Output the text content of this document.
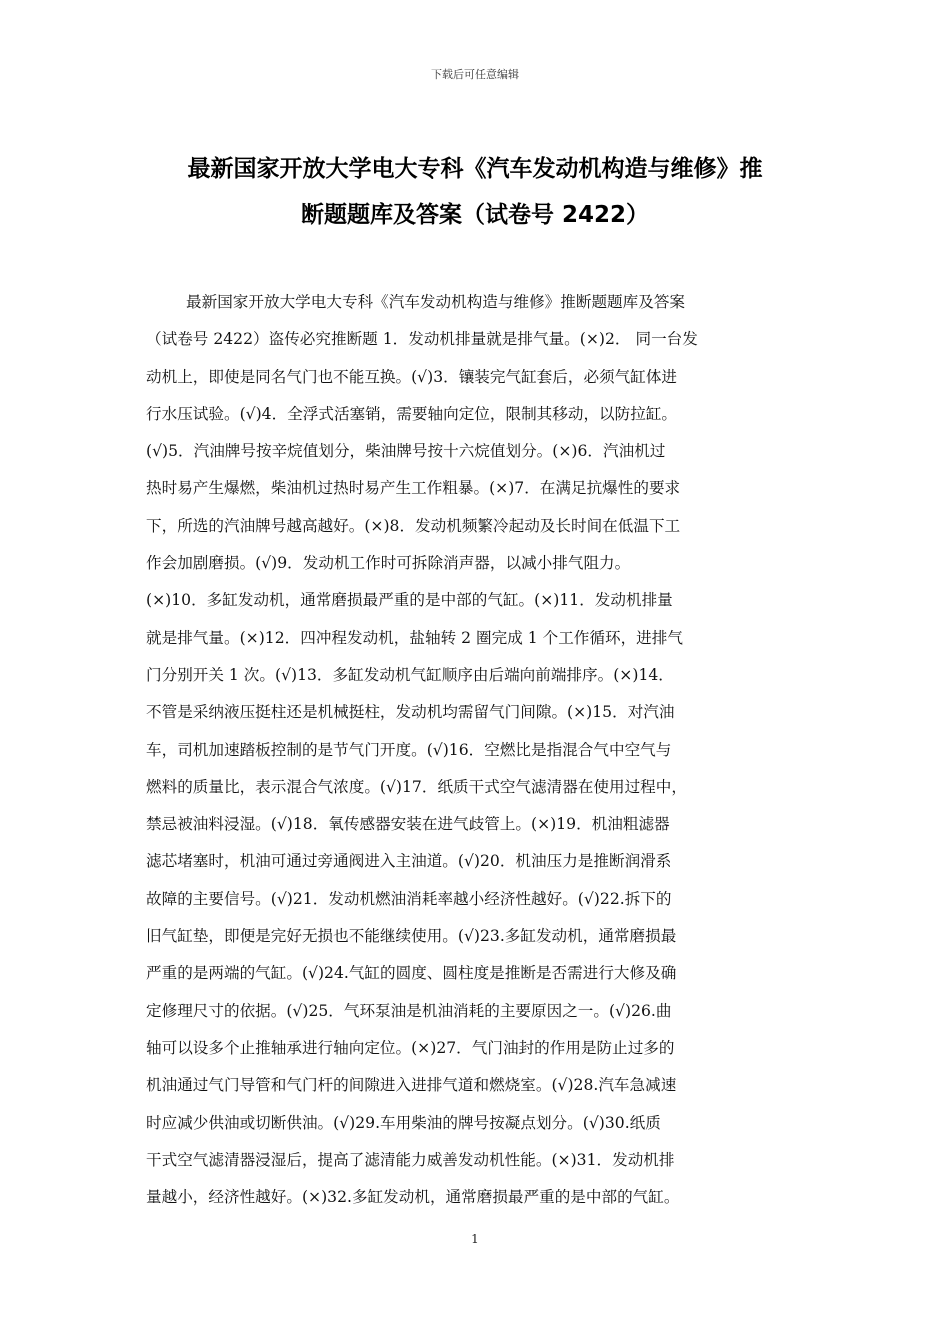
下载后可任意编辑
最新国家开放大学电大专科《汽车发动机构造与维修》推
断题题库及答案（试卷号 2422）
最新国家开放大学电大专科《汽车发动机构造与维修》推断题题库及答案
（试卷号 2422）盗传必究推断题 1．发动机排量就是排气量。(×)2． 同一台发
动机上，即使是同名气门也不能互换。(√)3．镶装完气缸套后，必须气缸体进
行水压试验。(√)4．全浮式活塞销，需要轴向定位，限制其移动，以防拉缸。
(√)5．汽油牌号按辛烷值划分，柴油牌号按十六烷值划分。(×)6．汽油机过
热时易产生爆燃，柴油机过热时易产生工作粗暴。(×)7．在满足抗爆性的要求
下，所选的汽油牌号越高越好。(×)8．发动机频繁冷起动及长时间在低温下工
作会加剧磨损。(√)9．发动机工作时可拆除消声器，以减小排气阻力。
(×)10．多缸发动机，通常磨损最严重的是中部的气缸。(×)11．发动机排量
就是排气量。(×)12．四冲程发动机，盐轴转 2 圈完成 1 个工作循环，进排气
门分别开关 1 次。(√)13．多缸发动机气缸顺序由后端向前端排序。(×)14．
不管是采纳液压挺柱还是机械挺柱，发动机均需留气门间隙。(×)15．对汽油
车，司机加速踏板控制的是节气门开度。(√)16．空燃比是指混合气中空气与
燃料的质量比，表示混合气浓度。(√)17．纸质干式空气滤清器在使用过程中，
禁忌被油料浸湿。(√)18．氧传感器安装在进气歧管上。(×)19．机油粗滤器
滤芯堵塞时，机油可通过旁通阀进入主油道。(√)20．机油压力是推断润滑系
故障的主要信号。(√)21．发动机燃油消耗率越小经济性越好。(√)22.拆下的
旧气缸垫，即便是完好无损也不能继续使用。(√)23.多缸发动机，通常磨损最
严重的是两端的气缸。(√)24.气缸的圆度、圆柱度是推断是否需进行大修及确
定修理尺寸的依据。(√)25．气环泵油是机油消耗的主要原因之一。(√)26.曲
轴可以设多个止推轴承进行轴向定位。(×)27．气门油封的作用是防止过多的
机油通过气门导管和气门杆的间隙进入进排气道和燃烧室。(√)28.汽车急减速
时应减少供油或切断供油。(√)29.车用柴油的牌号按凝点划分。(√)30.纸质
干式空气滤清器浸湿后，提高了滤清能力威善发动机性能。(×)31．发动机排
量越小，经济性越好。(×)32.多缸发动机，通常磨损最严重的是中部的气缸。
1
